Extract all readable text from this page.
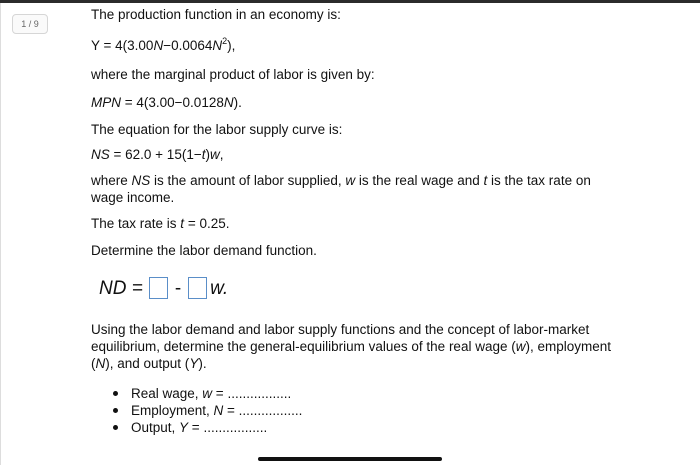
1 / 9
The production function in an economy is:
$Y = 4(3.00N-0.0064N^2)$,
where the marginal product of labor is given by:
MPN = 4(3.00−0.0128N).
The equation for the labor supply curve is:
NS = 62.0 + 15(1−t)w,
where NS is the amount of labor supplied, w is the real wage and t is the tax rate on wage income.
The tax rate is t = 0.25.
Determine the labor demand function.
ND = - w.
Using the labor demand and labor supply functions and the concept of labor-market equilibrium, determine the general-equilibrium values of the real wage (w), employment (N), and output (Y).
Real wage, w = .................
Employment, N = .................
Output, Y = .................
